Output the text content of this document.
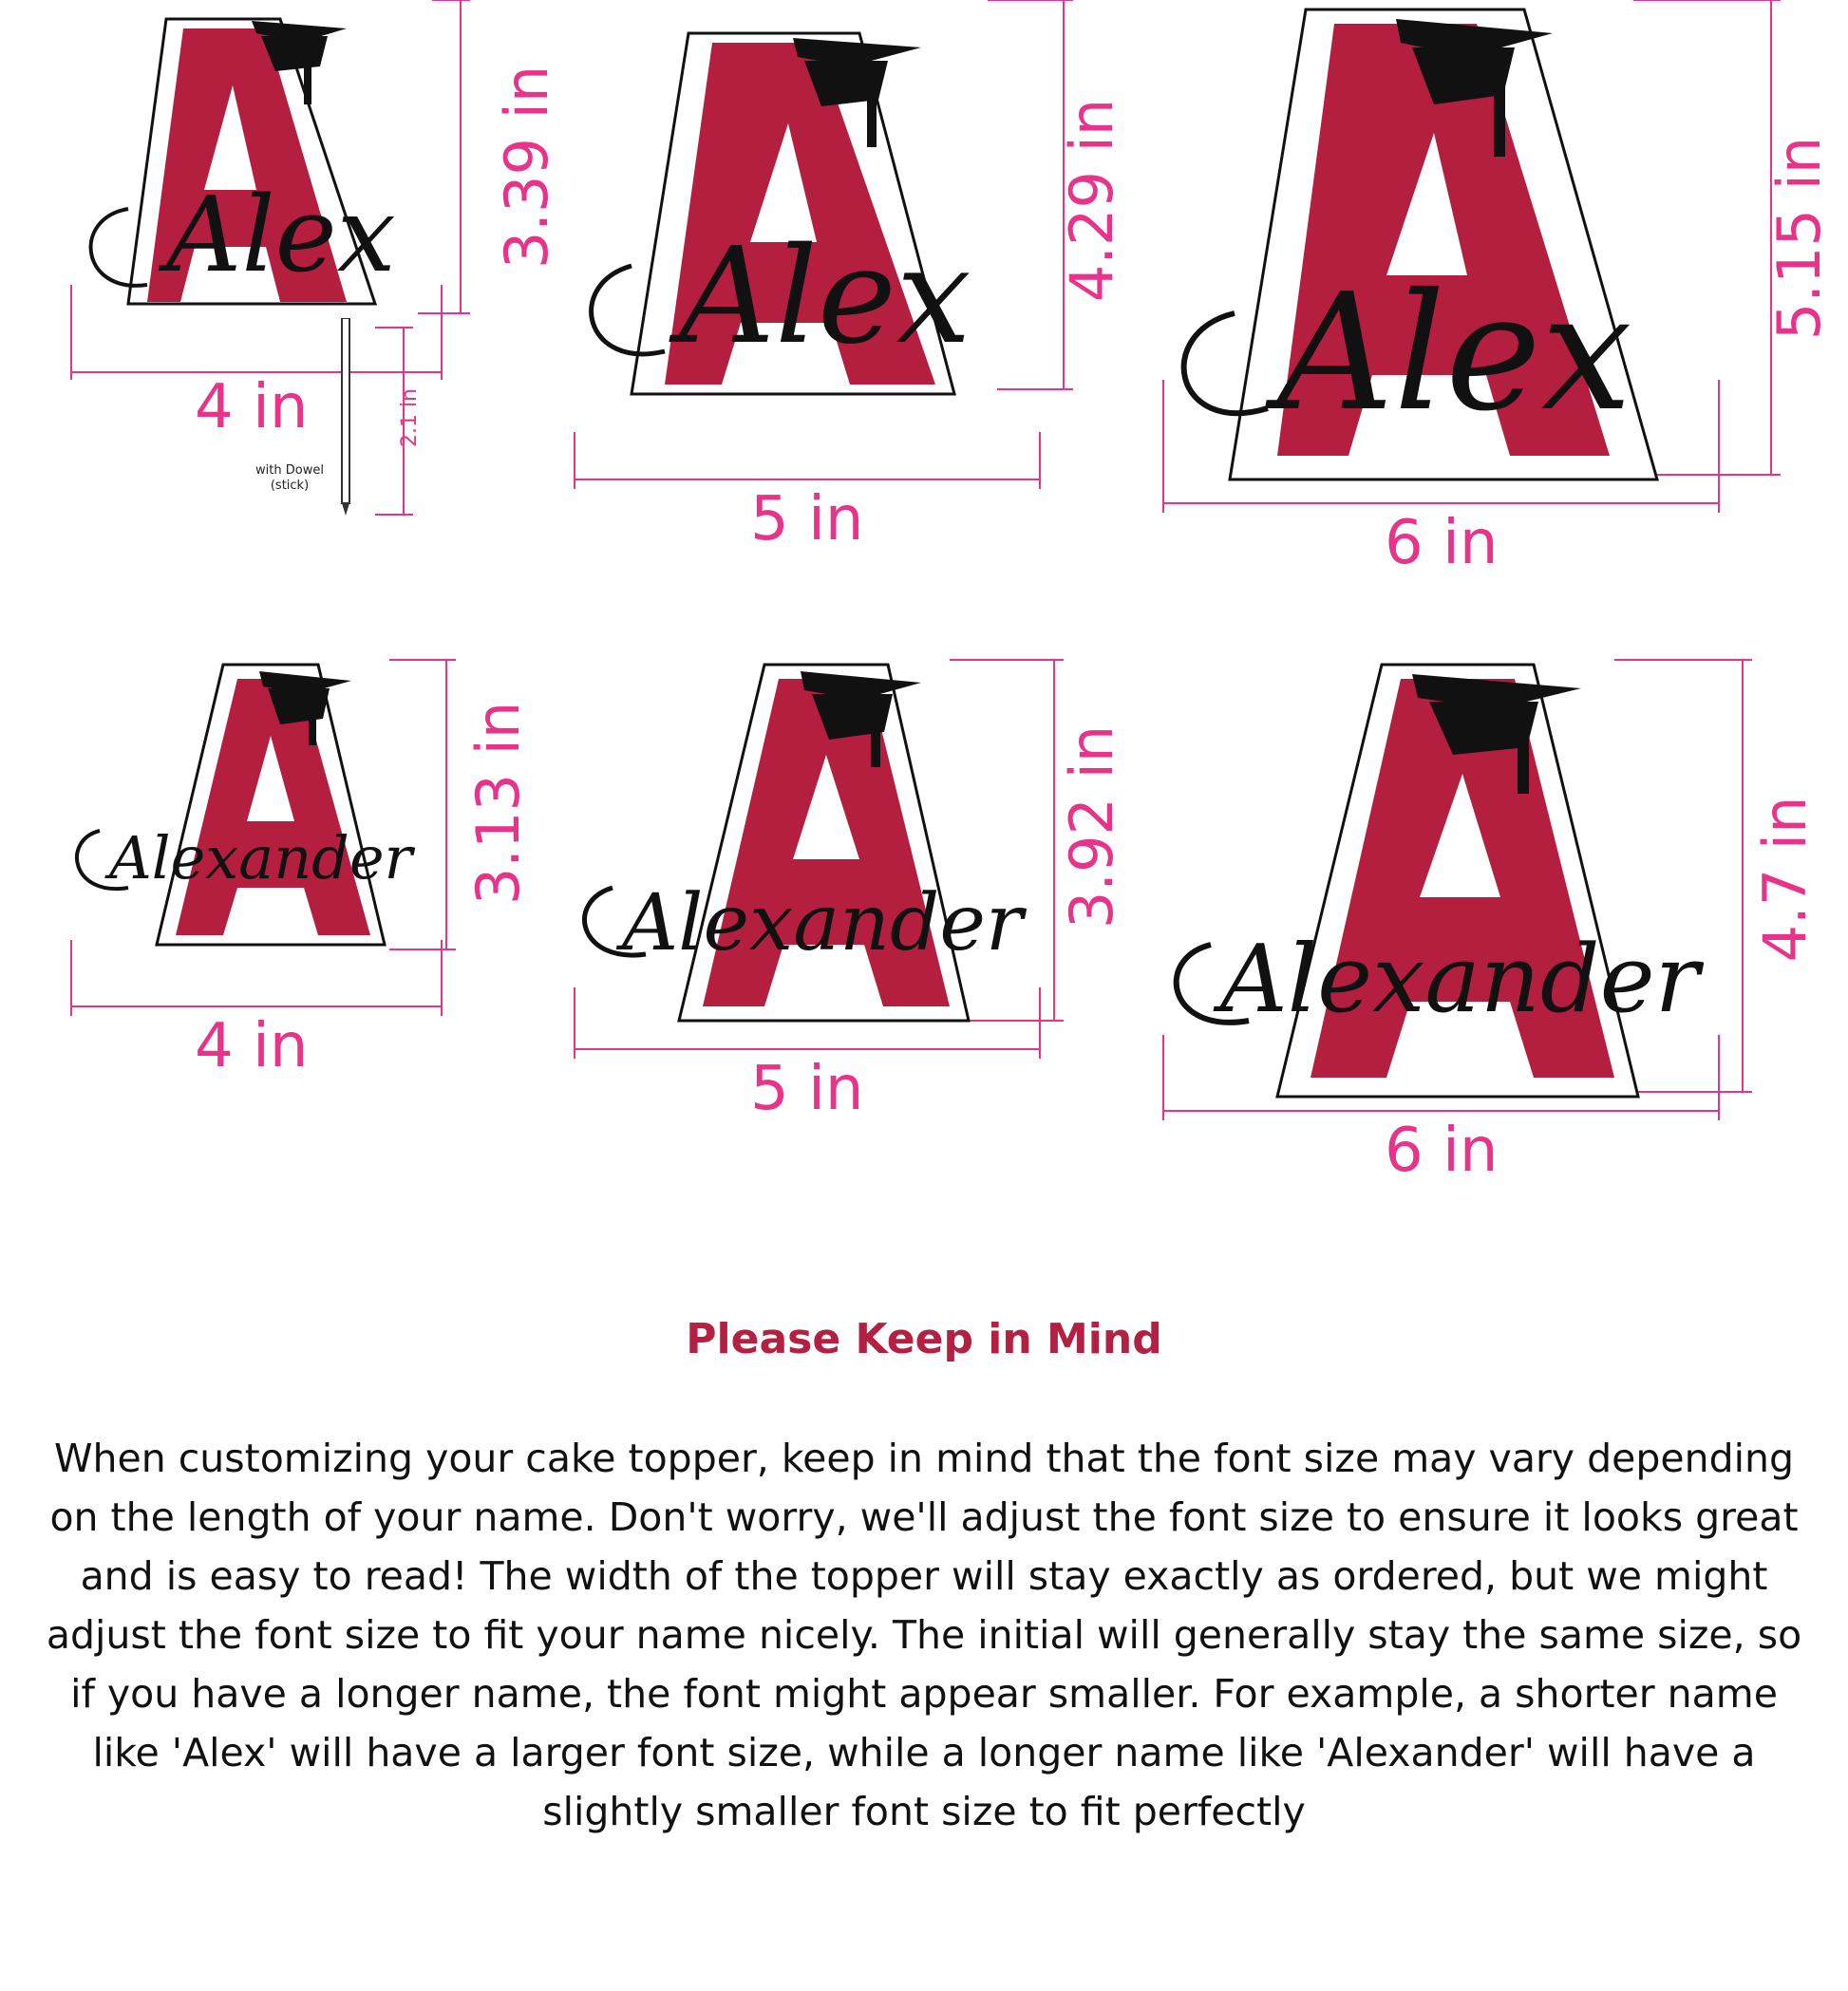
Alex Alex Alex
Alexander
Alexander
Alexander
4 in
3.39 in
2.1 in
with Dowel
(stick)	5 in
4.29 in
6 in
5.15 in
4 in
3.13 in
5 in
3.92 in
6 in
4.7 in
Please Keep in Mind
When customizing your cake topper, keep in mind that the font size may vary depending
on the length of your name. Don't worry, we'll adjust the font size to ensure it looks great
and is easy to read! The width of the topper will stay exactly as ordered, but we might
adjust the font size to fit your name nicely. The initial will generally stay the same size, so
if you have a longer name, the font might appear smaller. For example, a shorter name
like 'Alex' will have a larger font size, while a longer name like 'Alexander' will have a
slightly smaller font size to fit perfectly
